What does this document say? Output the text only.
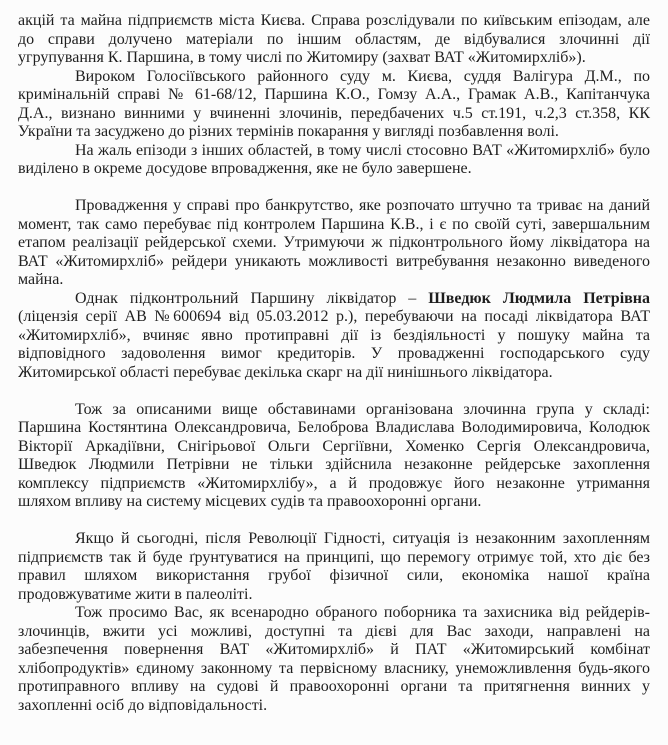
акцій та майна підприємств міста Києва. Справа розслідували по київським епізодам, але
до справи долучено матеріали по іншим областям, де відбувалися злочинні дії
угрупування К. Паршина, в тому числі по Житомиру (захват ВАТ «Житомирхліб»).
Вироком Голосіївського районного суду м. Києва, суддя Валігура Д.М., по
кримінальній справі № 61-68/12, Паршина К.О., Гомзу А.А., Грамак А.В., Капітанчука
Д.А., визнано винними у вчиненні злочинів, передбачених ч.5 ст.191, ч.2,3 ст.358, КК
України та засуджено до різних термінів покарання у вигляді позбавлення волі.
На жаль епізоди з інших областей, в тому числі стосовно ВАТ «Житомирхліб» було
виділено в окреме досудове впровадження, яке не було завершене.
Провадження у справі про банкрутство, яке розпочато штучно та триває на даний
момент, так само перебуває під контролем Паршина К.В., і є по своїй суті, завершальним
етапом реалізації рейдерської схеми. Утримуючи ж підконтрольного йому ліквідатора на
ВАТ «Житомирхліб» рейдери уникають можливості витребування незаконно виведеного
майна.
Однак підконтрольний Паршину ліквідатор – Шведюк Людмила Петрівна
(ліцензія серії АВ №600694 від 05.03.2012 р.), перебуваючи на посаді ліквідатора ВАТ
«Житомирхліб», вчиняє явно протиправні дії із бездіяльності у пошуку майна та
відповідного задоволення вимог кредиторів. У провадженні господарського суду
Житомирської області перебуває декілька скарг на дії нинішнього ліквідатора.
Тож за описаними вище обставинами організована злочинна група у складі:
Паршина Костянтина Олександровича, Белоброва Владислава Володимировича, Колодюк
Вікторії Аркадіївни, Снігірьової Ольги Сергіївни, Хоменко Сергія Олександровича,
Шведюк Людмили Петрівни не тільки здійснила незаконне рейдерське захоплення
комплексу підприємств «Житомирхлібу», а й продовжує його незаконне утримання
шляхом впливу на систему місцевих судів та правоохоронні органи.
Якщо й сьогодні, після Революції Гідності, ситуація із незаконним захопленням
підприємств так й буде ґрунтуватися на принципі, що перемогу отримує той, хто діє без
правил шляхом використання грубої фізичної сили, економіка нашої країна
продовжуватиме жити в палеоліті.
Тож просимо Вас, як всенародно обраного поборника та захисника від рейдерів-
злочинців, вжити усі можливі, доступні та дієві для Вас заходи, направлені на
забезпечення повернення ВАТ «Житомирхліб» й ПАТ «Житомирський комбінат
хлібопродуктів» єдиному законному та первісному власнику, унеможливлення будь-якого
протиправного впливу на судові й правоохоронні органи та притягнення винних у
захопленні осіб до відповідальності.
